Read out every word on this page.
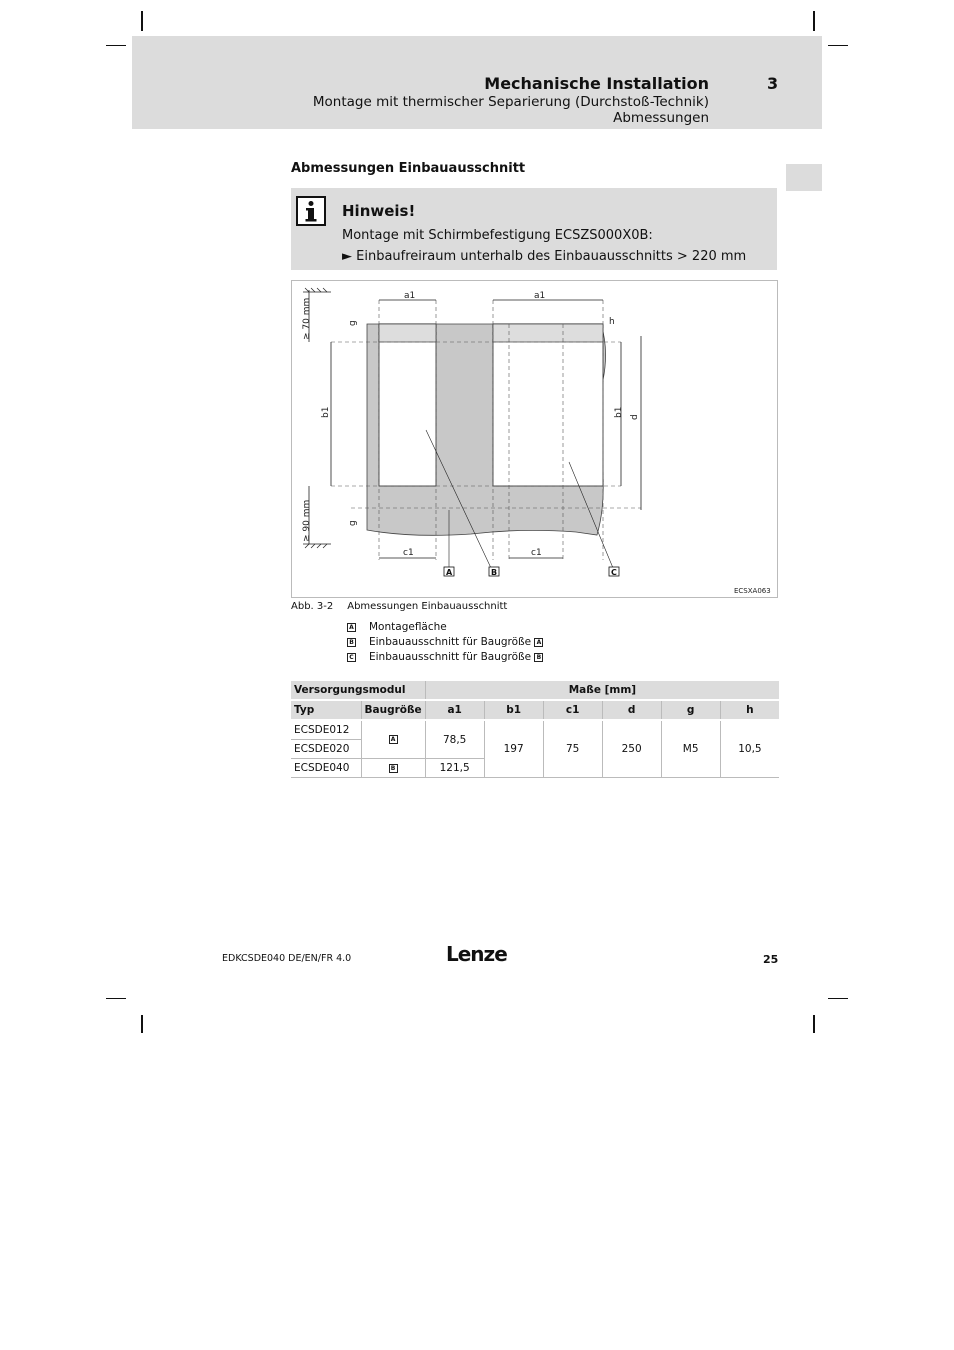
Mechanische Installation	3
Montage mit thermischer Separierung (Durchstoß-Technik)
Abmessungen
Abmessungen Einbauausschnitt
Hinweis!
Montage mit Schirmbefestigung ECSZS000X0B:
► Einbaufreiraum unterhalb des Einbauausschnitts > 220 mm
a1	a1
c1	c1
h
ECSXA063
b1	b1 d
g
g
≥ 70 mm
≥ 90 mm
A	B	C
Abb. 3-2 Abmessungen Einbauausschnitt
A Montagefläche
B Einbauausschnitt für Baugröße A
C Einbauausschnitt für Baugröße B
Versorgungsmodul		Maße [mm]					
Typ	Baugröße	a1	b1	c1	d	g	h
ECSDE012	A	78,5	197	75	250	M5	10,5
ECSDE020							
ECSDE040	B	121,5					
EDKCSDE040 DE/EN/FR 4.0	Lenze	25
